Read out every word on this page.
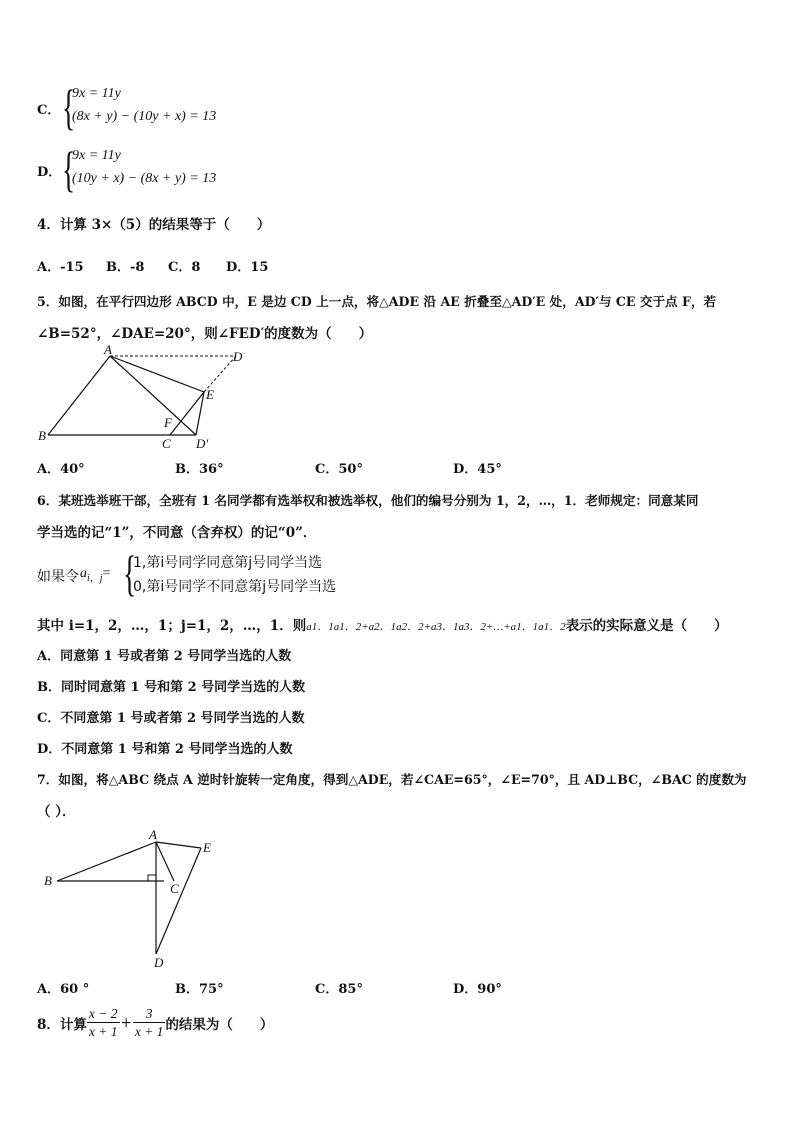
C． {
9x = 11y
(8x + y) − (10y + x) = 13
D． {
9x = 11y
(10y + x) − (8x + y) = 13
4．计算 3×（5）的结果等于（　　）
A．-15 B．-8 C．8 D．15
5．如图，在平行四边形 ABCD 中，E 是边 CD 上一点，将△ADE 沿 AE 折叠至△AD′E 处，AD′与 CE 交于点 F，若
∠B=52°，∠DAE=20°，则∠FED′的度数为（　　）
A
B
C
D
E
F
D′
A．40°	B．36°	C．50°	D．45°
6．某班选举班干部，全班有 1 名同学都有选举权和被选举权，他们的编号分别为 1，2，…，1．老师规定：同意某同
学当选的记“1”，不同意（含弃权）的记“0”．
如果令 $a_{i,j}=$ {
1,第i号同学同意第j号同学当选
0,第i号同学不同意第j号同学当选
其中 i=1，2，…，1；j=1，2，…，1．则a1．1a1．2+a2．1a2．2+a3．1a3．2+…+a1．1a1．2表示的实际意义是（　　）
A．同意第 1 号或者第 2 号同学当选的人数
B．同时同意第 1 号和第 2 号同学当选的人数
C．不同意第 1 号或者第 2 号同学当选的人数
D．不同意第 1 号和第 2 号同学当选的人数
7．如图，将△ABC 绕点 A 逆时针旋转一定角度，得到△ADE，若∠CAE=65°，∠E=70°，且 AD⊥BC，∠BAC 的度数为
（ ）．
A
B
C
D
E
A．60 °	B．75°	C．85°	D．90°
8．计算 $\frac{x - 2}{x + 1} + \frac{3}{x + 1}$ 的结果为（　　）
